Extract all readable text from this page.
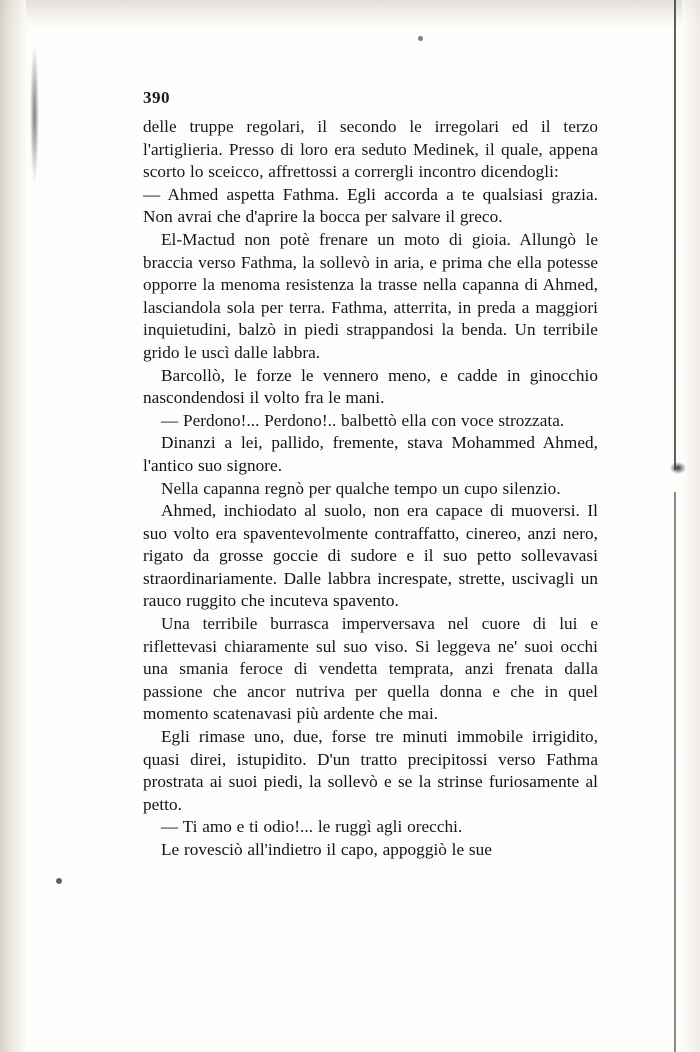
390

delle truppe regolari, il secondo le irregolari ed il terzo l'artiglieria. Presso di loro era seduto Medinek, il quale, appena scorto lo sceicco, affrettossi a corrergli incontro dicendogli:

— Ahmed aspetta Fathma. Egli accorda a te qualsiasi grazia. Non avrai che d'aprire la bocca per salvare il greco.

El-Mactud non potè frenare un moto di gioia. Allungò le braccia verso Fathma, la sollevò in aria, e prima che ella potesse opporre la menoma resistenza la trasse nella capanna di Ahmed, lasciandola sola per terra. Fathma, atterrita, in preda a maggiori inquietudini, balzò in piedi strappandosi la benda. Un terribile grido le uscì dalle labbra.

Barcollò, le forze le vennero meno, e cadde in ginocchio nascondendosi il volto fra le mani.

— Perdono!... Perdono!.. balbettò ella con voce strozzata.

Dinanzi a lei, pallido, fremente, stava Mohammed Ahmed, l'antico suo signore.

Nella capanna regnò per qualche tempo un cupo silenzio.

Ahmed, inchiodato al suolo, non era capace di muoversi. Il suo volto era spaventevolmente contraffatto, cinereo, anzi nero, rigato da grosse goccie di sudore e il suo petto sollevavasi straordinariamente. Dalle labbra increspate, strette, uscivagli un rauco ruggito che incuteva spavento.

Una terribile burrasca imperversava nel cuore di lui e riflettevasi chiaramente sul suo viso. Si leggeva ne' suoi occhi una smania feroce di vendetta temprata, anzi frenata dalla passione che ancor nutriva per quella donna e che in quel momento scatenavasi più ardente che mai.

Egli rimase uno, due, forse tre minuti immobile irrigidito, quasi direi, istupidito. D'un tratto precipitossi verso Fathma prostrata ai suoi piedi, la sollevò e se la strinse furiosamente al petto.

— Ti amo e ti odio!... le ruggì agli orecchi.

Le rovesciò all'indietro il capo, appoggiò le sue
